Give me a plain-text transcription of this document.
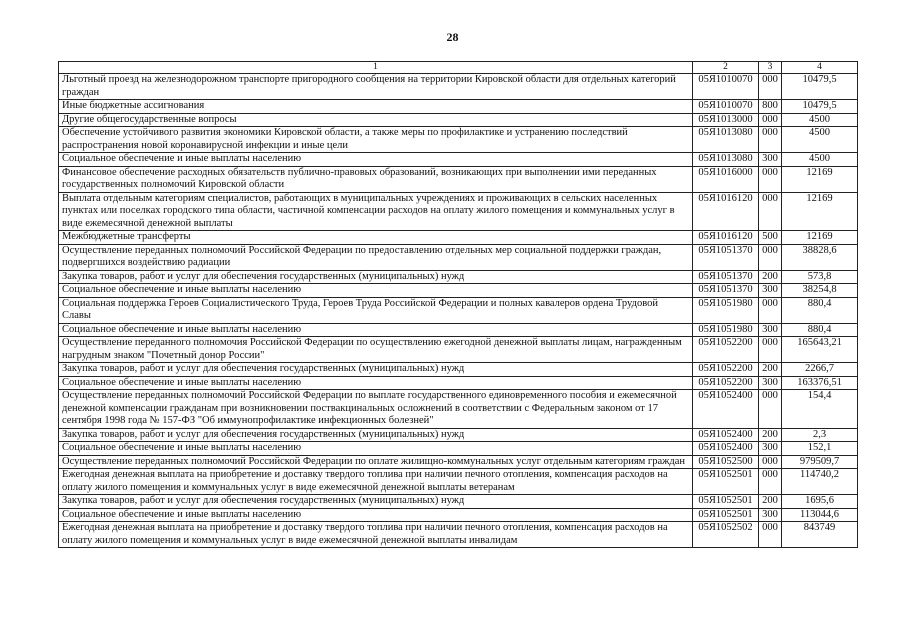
28
1	2	3	4
Льготный проезд на железнодорожном транспорте пригородного сообщения на территории Кировской области для отдельных категорий граждан	05Я1010070	000	10479,5
Иные бюджетные ассигнования	05Я1010070	800	10479,5
Другие общегосударственные вопросы	05Я1013000	000	4500
Обеспечение устойчивого развития экономики Кировской области, а также меры по профилактике и устранению последствий распространения новой коронавирусной инфекции и иные цели	05Я1013080	000	4500
Социальное обеспечение и иные выплаты населению	05Я1013080	300	4500
Финансовое обеспечение расходных обязательств публично-правовых образований, возникающих при выполнении ими переданных государственных полномочий Кировской области	05Я1016000	000	12169
Выплата отдельным категориям специалистов, работающих в муниципальных учреждениях и проживающих в сельских населенных пунктах или поселках городского типа области, частичной компенсации расходов на оплату жилого помещения и коммунальных услуг в виде ежемесячной денежной выплаты	05Я1016120	000	12169
Межбюджетные трансферты	05Я1016120	500	12169
Осуществление переданных полномочий Российской Федерации по предоставлению отдельных мер социальной поддержки граждан, подвергшихся воздействию радиации	05Я1051370	000	38828,6
Закупка товаров, работ и услуг для обеспечения государственных (муниципальных) нужд	05Я1051370	200	573,8
Социальное обеспечение и иные выплаты населению	05Я1051370	300	38254,8
Социальная поддержка Героев Социалистического Труда, Героев Труда Российской Федерации и полных кавалеров ордена Трудовой Славы	05Я1051980	000	880,4
Социальное обеспечение и иные выплаты населению	05Я1051980	300	880,4
Осуществление переданного полномочия Российской Федерации по осуществлению ежегодной денежной выплаты лицам, награжденным нагрудным знаком "Почетный донор России"	05Я1052200	000	165643,21
Закупка товаров, работ и услуг для обеспечения государственных (муниципальных) нужд	05Я1052200	200	2266,7
Социальное обеспечение и иные выплаты населению	05Я1052200	300	163376,51
Осуществление переданных полномочий Российской Федерации по выплате государственного единовременного пособия и ежемесячной денежной компенсации гражданам при возникновении поствакцинальных осложнений в соответствии с Федеральным законом от 17 сентября 1998 года № 157-ФЗ "Об иммунопрофилактике инфекционных болезней"	05Я1052400	000	154,4
Закупка товаров, работ и услуг для обеспечения государственных (муниципальных) нужд	05Я1052400	200	2,3
Социальное обеспечение и иные выплаты населению	05Я1052400	300	152,1
Осуществление переданных полномочий Российской Федерации по оплате жилищно-коммунальных услуг отдельным категориям граждан	05Я1052500	000	979509,7
Ежегодная денежная выплата на приобретение и доставку твердого топлива при наличии печного отопления, компенсация расходов на оплату жилого помещения и коммунальных услуг в виде ежемесячной денежной выплаты ветеранам	05Я1052501	000	114740,2
Закупка товаров, работ и услуг для обеспечения государственных (муниципальных) нужд	05Я1052501	200	1695,6
Социальное обеспечение и иные выплаты населению	05Я1052501	300	113044,6
Ежегодная денежная выплата на приобретение и доставку твердого топлива при наличии печного отопления, компенсация расходов на оплату жилого помещения и коммунальных услуг в виде ежемесячной денежной выплаты инвалидам	05Я1052502	000	843749
